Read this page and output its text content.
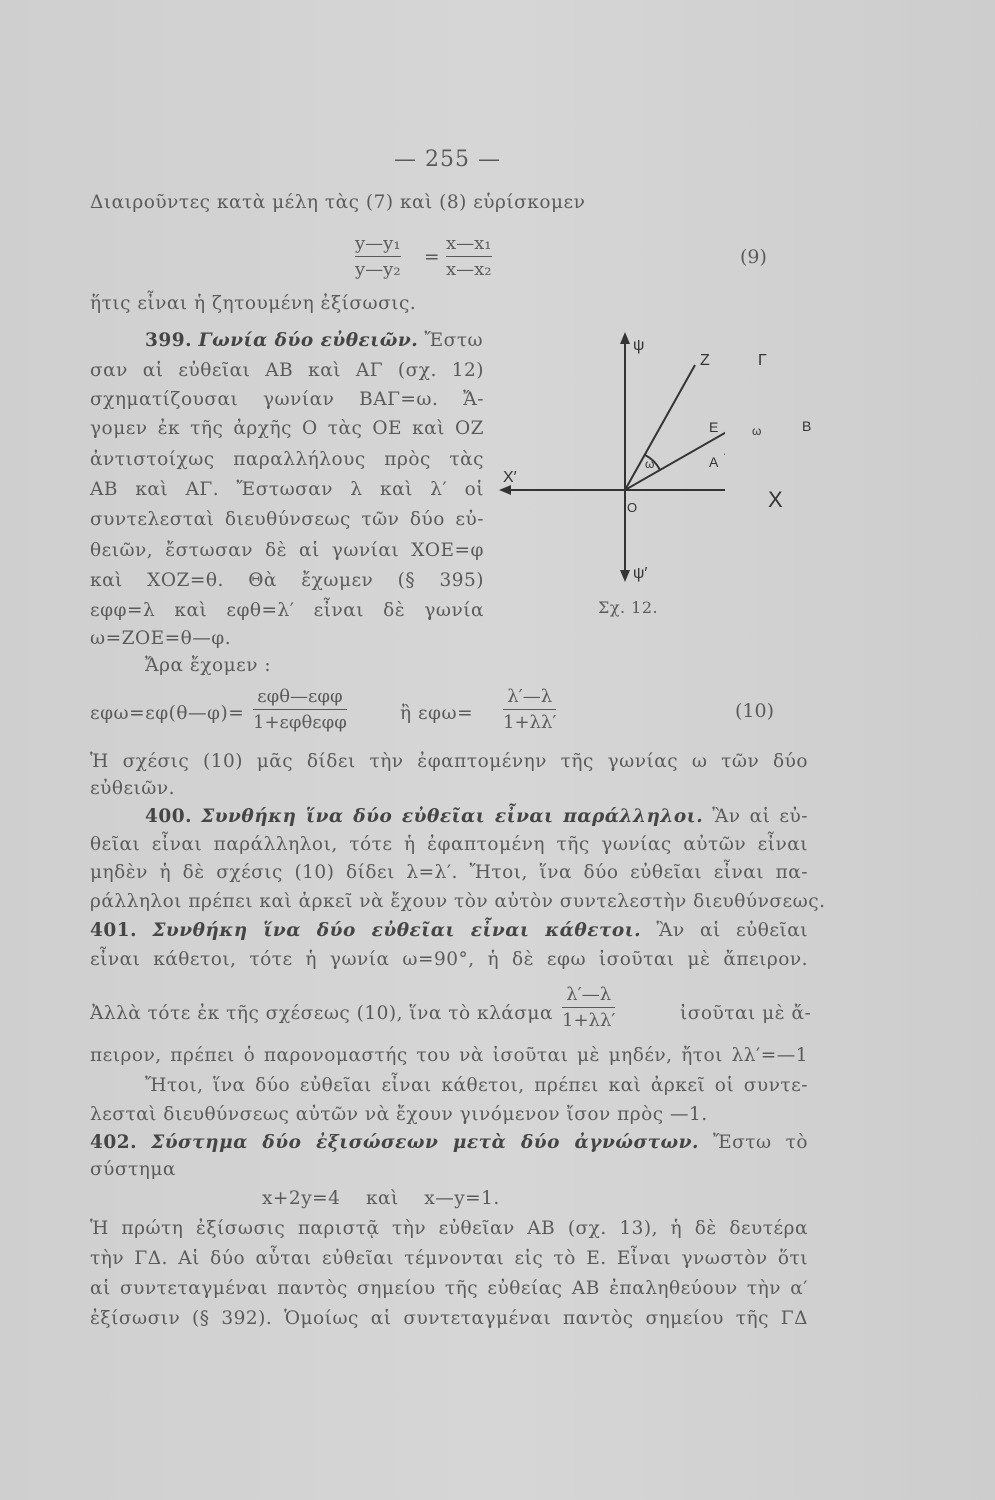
— 255 —
Διαιροῦντες κατὰ μέλη τὰς (7) καὶ (8) εὑρίσκομεν
y—y₁
y—y₂
=
x—x₁
x—x₂
(9)
ἥτις εἶναι ἡ ζητουμένη ἐξίσωσις.
399. Γωνία δύο εὐθειῶν. Ἔστω
σαν αἱ εὐθεῖαι ΑΒ καὶ ΑΓ (σχ. 12)
σχηματίζουσαι γωνίαν ΒΑΓ=ω. Ἄ-
γομεν ἐκ τῆς ἀρχῆς Ο τὰς ΟΕ καὶ ΟΖ
ἀντιστοίχως παραλλήλους πρὸς τὰς
ΑΒ καὶ ΑΓ. Ἔστωσαν λ καὶ λ′ οἱ
συντελεσταὶ διευθύνσεως τῶν δύο εὐ-
θειῶν, ἔστωσαν δὲ αἱ γωνίαι ΧΟΕ=φ
καὶ ΧΟΖ=θ. Θὰ ἔχωμεν (§ 395)
εφφ=λ καὶ εφθ=λ′ εἶναι δὲ γωνία
ω=ΖΟΕ=θ—φ.
Ἄρα ἔχομεν :
ψ
ψ′
X′
O
Z
E
A
ω
Γ
B
ω
X
Σχ. 12.
εφω=εφ(θ—φ)=
εφθ—εφφ
1+εφθεφφ	ἢ εφω=
λ′—λ
1+λλ′
(10)
Ἡ σχέσις (10) μᾶς δίδει τὴν ἐφαπτομένην τῆς γωνίας ω τῶν δύο
εὐθειῶν.
400. Συνθήκη ἵνα δύο εὐθεῖαι εἶναι παράλληλοι. Ἂν αἱ εὐ-
θεῖαι εἶναι παράλληλοι, τότε ἡ ἐφαπτομένη τῆς γωνίας αὐτῶν εἶναι
μηδὲν ἡ δὲ σχέσις (10) δίδει λ=λ′. Ἤτοι, ἵνα δύο εὐθεῖαι εἶναι πα-
ράλληλοι πρέπει καὶ ἀρκεῖ νὰ ἔχουν τὸν αὐτὸν συντελεστὴν διευθύνσεως.
401. Συνθήκη ἵνα δύο εὐθεῖαι εἶναι κάθετοι. Ἂν αἱ εὐθεῖαι
εἶναι κάθετοι, τότε ἡ γωνία ω=90°, ἡ δὲ εφω ἰσοῦται μὲ ἄπειρον.
Ἀλλὰ τότε ἐκ τῆς σχέσεως (10), ἵνα τὸ κλάσμα
λ′—λ
1+λλ′	ἰσοῦται μὲ ἄ-
πειρον, πρέπει ὁ παρονομαστής του νὰ ἰσοῦται μὲ μηδέν, ἤτοι λλ′=—1
Ἤτοι, ἵνα δύο εὐθεῖαι εἶναι κάθετοι, πρέπει καὶ ἀρκεῖ οἱ συντε-
λεσταὶ διευθύνσεως αὐτῶν νὰ ἔχουν γινόμενον ἴσον πρὸς —1.
402. Σύστημα δύο ἐξισώσεων μετὰ δύο ἀγνώστων. Ἔστω τὸ
σύστημα
x+2y=4    καὶ    x—y=1.
Ἡ πρώτη ἐξίσωσις παριστᾷ τὴν εὐθεῖαν ΑΒ (σχ. 13), ἡ δὲ δευτέρα
τὴν ΓΔ. Αἱ δύο αὗται εὐθεῖαι τέμνονται εἰς τὸ Ε. Εἶναι γνωστὸν ὅτι
αἱ συντεταγμέναι παντὸς σημείου τῆς εὐθείας ΑΒ ἐπαληθεύουν τὴν α′
ἐξίσωσιν (§ 392). Ὁμοίως αἱ συντεταγμέναι παντὸς σημείου τῆς ΓΔ
